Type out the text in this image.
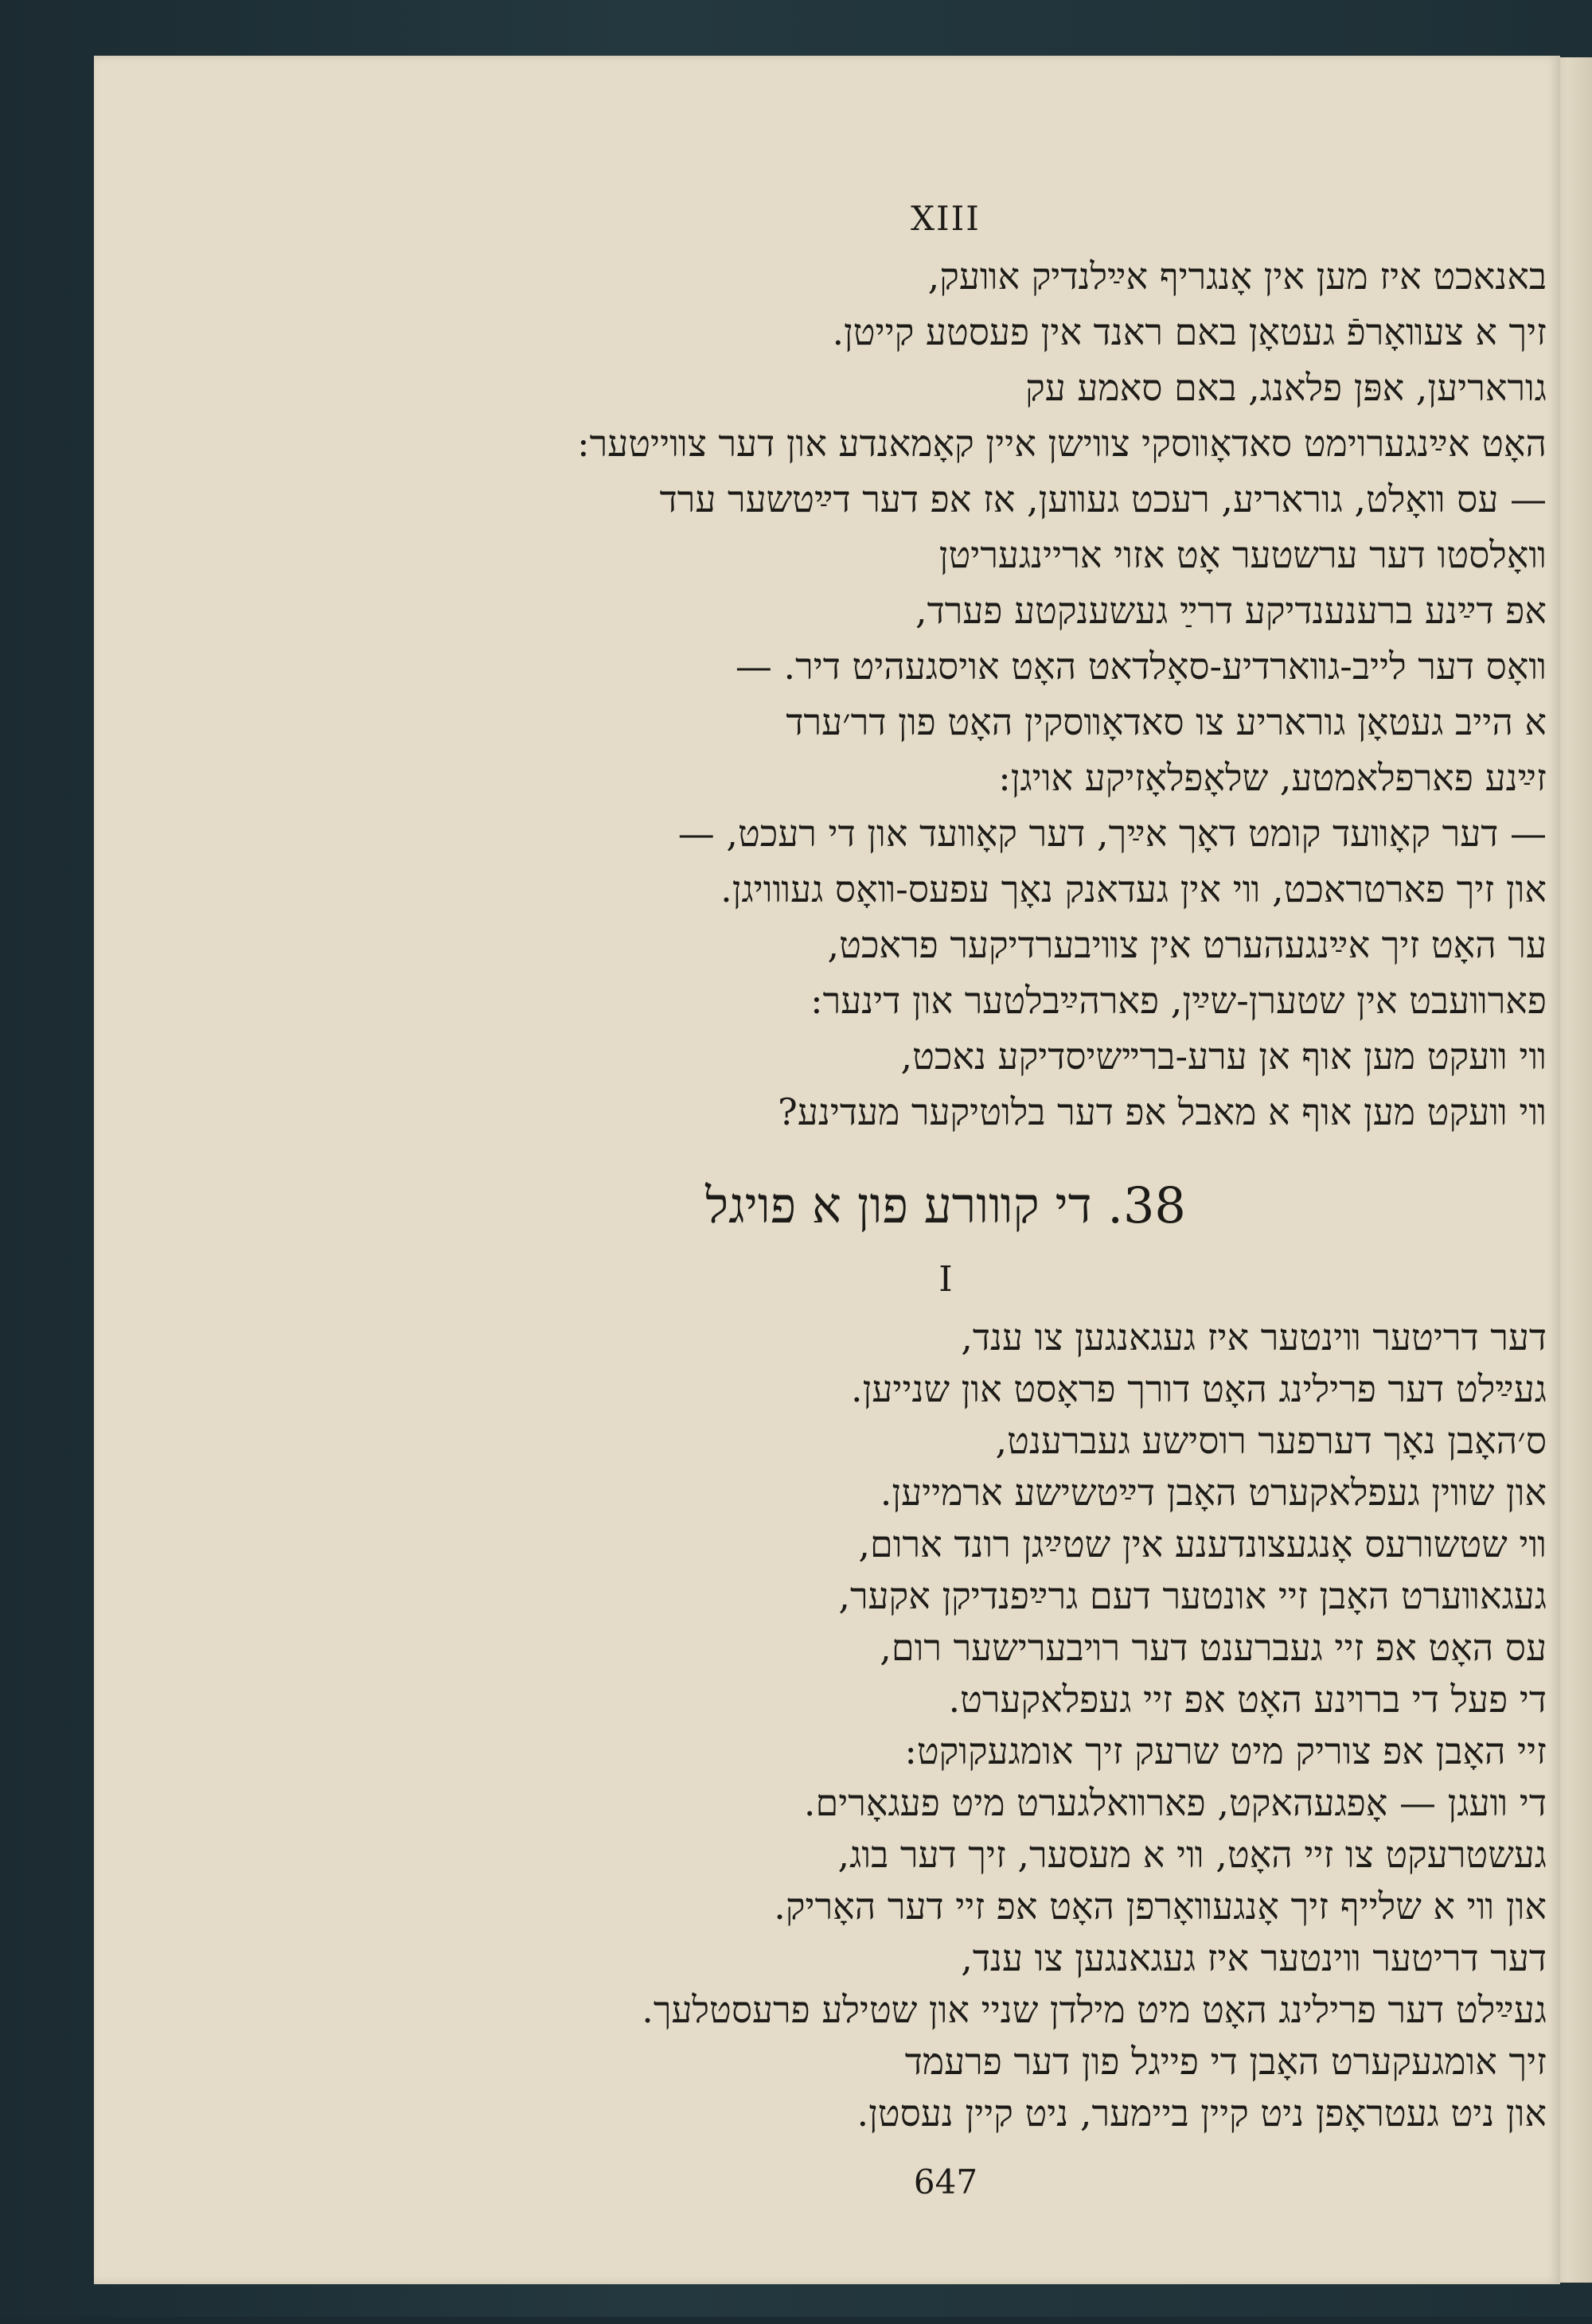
XIII
באנאכט איז מען אין אָנגריף אײַלנדיק אװעק,
זיך א צעװאָרפֿ געטאָן באם ראנד אין פעסטע קייטן.
גוראריען, אפּן פלאנג, באם סאמע עק
האָט אײַנגערוימט סאדאָװסקי צװישן איין קאָמאנדע און דער צװייטער:
— עס װאָלט, גוראריע, רעכט געװען, אז אפ דער דײַטשער ערד
װאָלסטו דער ערשטער אָט אזוי אריינגעריטן
אפ דײַנע ברענענדיקע דרײַ געשענקטע פערד,
װאָס דער לייב-גװארדיע-סאָלדאט האָט אויסגעהיט דיר. —
א הייב געטאָן גוראריע צו סאדאָװסקין האָט פון דר׳ערד
זײַנע פארפלאמטע, שלאָפלאָזיקע אויגן:
— דער קאָװעד קומט דאָך אײַך, דער קאָװעד און די רעכט, —
און זיך פארטראכט, װי אין געדאנק נאָך עפעס-װאָס געװויגן.
ער האָט זיך אײַנגעהערט אין צװיבערדיקער פראכט,
פארװעבט אין שטערן-שײַן, פארהײַבלטער און דינער:
װי װעקט מען אוף אן ערע-ברײשיסדיקע נאכט,
װי װעקט מען אוף א מאבל אפ דער בלוטיקער מעדינע?
38. די קװורע פון א פויגל
I
דער דריטער װינטער איז געגאנגען צו ענד,
געײַלט דער פרילינג האָט דורך פראָסט און שנייען.
ס׳האָבן נאָך דערפער רוסישע געברענט,
און שװין געפלאקערט האָבן דײַטשישע ארמייען.
װי שטשורעס אָנגעצונדענע אין שטײַגן רונד ארום,
געגאװערט האָבן זיי אונטער דעם גרײַפנדיקן אקער,
עס האָט אפ זיי געברענט דער רױבערישער רום,
די פעל די ברױנע האָט אפ זיי געפלאקערט.
זיי האָבן אפ צוריק מיט שרעק זיך אומגעקוקט:
די װעגן — אָפגעהאקט, פארװאלגערט מיט פעגאָרים.
געשטרעקט צו זיי האָט, װי א מעסער, זיך דער בוג,
און װי א שלייף זיך אָנגעװאָרפן האָט אפ זיי דער האָריק.
דער דריטער װינטער איז געגאנגען צו ענד,
געײַלט דער פרילינג האָט מיט מילדן שניי און שטילע פרעסטלעך.
זיך אומגעקערט האָבן די פייגל פון דער פרעמד
און ניט געטראָפן ניט קיין ביימער, ניט קיין נעסטן.
647
